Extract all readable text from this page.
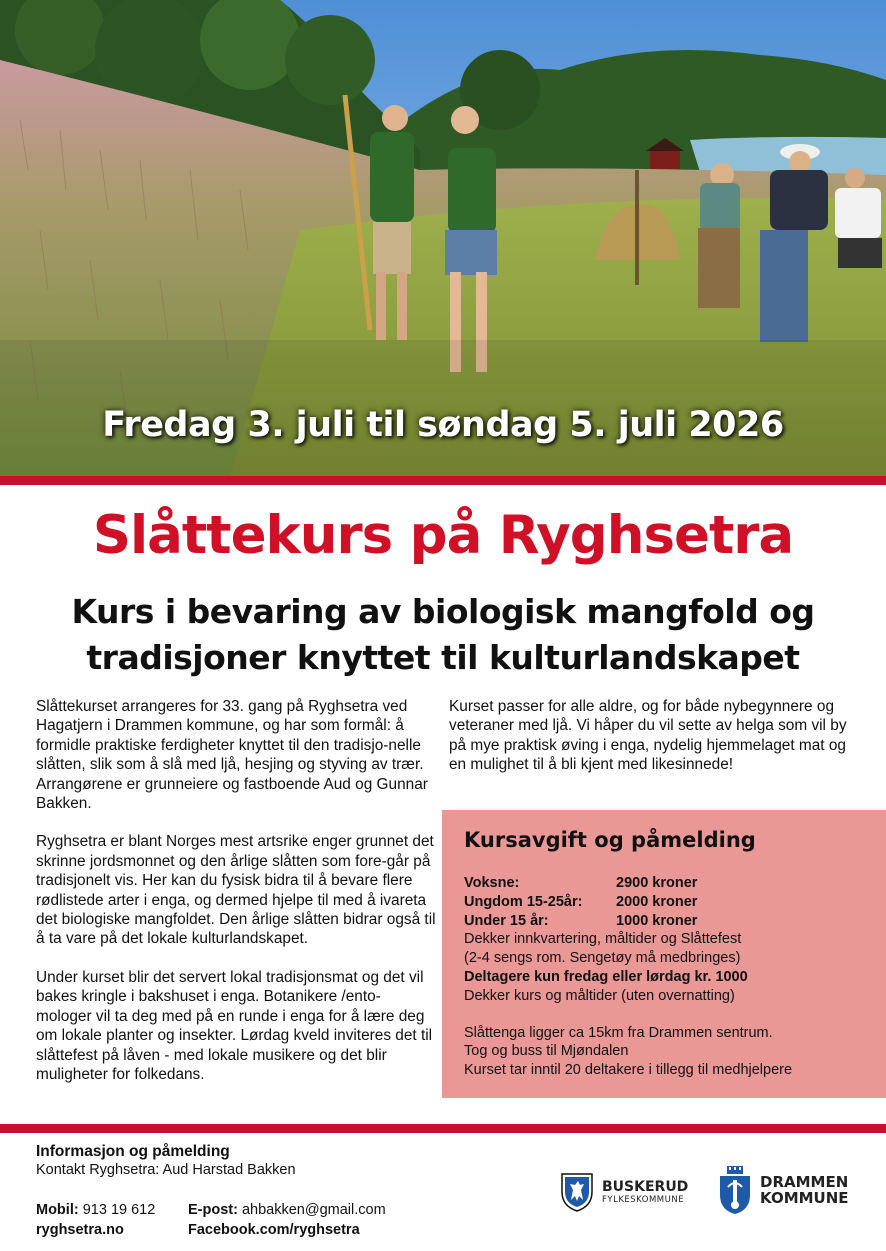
Fredag 3. juli til søndag 5. juli 2026
Slåttekurs på Ryghsetra
Kurs i bevaring av biologisk mangfold og
tradisjoner knyttet til kulturlandskapet

Slåttekurset arrangeres for 33. gang på Ryghsetra ved Hagatjern i Drammen kommune, og har som formål: å formidle praktiske ferdigheter knyttet til den tradisjo-nelle slåtten, slik som å slå med ljå, hesjing og styving av trær. Arrangørene er grunneiere og fastboende Aud og Gunnar Bakken.

Ryghsetra er blant Norges mest artsrike enger grunnet det skrinne jordsmonnet og den årlige slåtten som fore-går på tradisjonelt vis. Her kan du fysisk bidra til å bevare flere rødlistede arter i enga, og dermed hjelpe til med å ivareta det biologiske mangfoldet. Den årlige slåtten bidrar også til å ta vare på det lokale kulturlandskapet.

Under kurset blir det servert lokal tradisjonsmat og det vil bakes kringle i bakshuset i enga. Botanikere /ento-mologer vil ta deg med på en runde i enga for å lære deg om lokale planter og insekter. Lørdag kveld inviteres det til slåttefest på låven - med lokale musikere og det blir muligheter for folkedans.

Kurset passer for alle aldre, og for både nybegynnere og veteraner med ljå. Vi håper du vil sette av helga som vil by på mye praktisk øving i enga, nydelig hjemmelaget mat og en mulighet til å bli kjent med likesinnede!

Kursavgift og påmelding
Voksne:	2900 kroner
Ungdom 15-25år:	2000 kroner
Under 15 år:	1000 kroner
Dekker innkvartering, måltider og Slåttefest
(2-4 sengs rom. Sengetøy må medbringes)
Deltagere kun fredag eller lørdag kr. 1000
Dekker kurs og måltider (uten overnatting)
Slåttenga ligger ca 15km fra Drammen sentrum.
Tog og buss til Mjøndalen
Kurset tar inntil 20 deltakere i tillegg til medhjelpere
Informasjon og påmelding
Kontakt Ryghsetra: Aud Harstad Bakken
Mobil: 913 19 612	E-post: ahbakken@gmail.com
ryghsetra.no	Facebook.com/ryghsetra
BUSKERUD
FYLKESKOMMUNE
DRAMMEN
KOMMUNE
